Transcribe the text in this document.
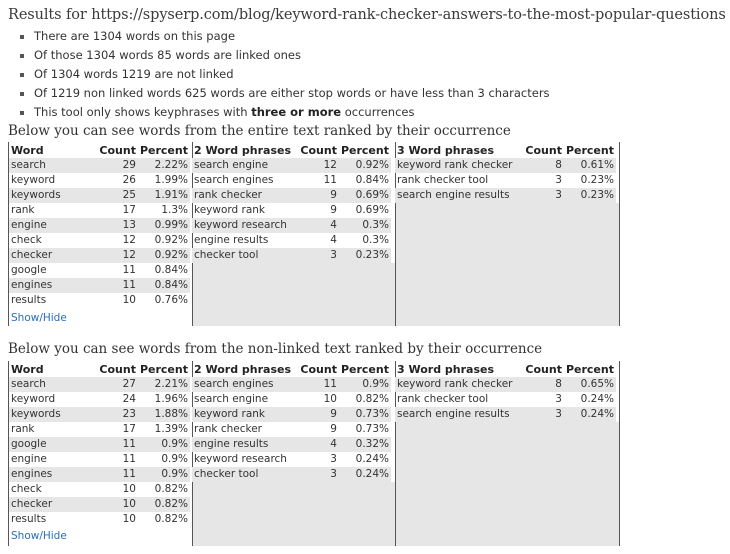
Results for https://spyserp.com/blog/keyword-rank-checker-answers-to-the-most-popular-questions
There are 1304 words on this page
Of those 1304 words 85 words are linked ones
Of 1304 words 1219 are not linked
Of 1219 non linked words 625 words are either stop words or have less than 3 characters
This tool only shows keyphrases with three or more occurrences
Below you can see words from the entire text ranked by their occurrence
Word	Count	Percent
search	29	2.22%
keyword	26	1.99%
keywords	25	1.91%
rank	17	1.3%
engine	13	0.99%
check	12	0.92%
checker	12	0.92%
google	11	0.84%
engines	11	0.84%
results	10	0.76%
2 Word phrases	Count	Percent
search engine	12	0.92%
search engines	11	0.84%
rank checker	9	0.69%
keyword rank	9	0.69%
keyword research	4	0.3%
engine results	4	0.3%
checker tool	3	0.23%
3 Word phrases	Count	Percent
keyword rank checker	8	0.61%
rank checker tool	3	0.23%
search engine results	3	0.23%
Show/Hide
Below you can see words from the non-linked text ranked by their occurrence
Word	Count	Percent
search	27	2.21%
keyword	24	1.96%
keywords	23	1.88%
rank	17	1.39%
google	11	0.9%
engine	11	0.9%
engines	11	0.9%
check	10	0.82%
checker	10	0.82%
results	10	0.82%
2 Word phrases	Count	Percent
search engines	11	0.9%
search engine	10	0.82%
keyword rank	9	0.73%
rank checker	9	0.73%
engine results	4	0.32%
keyword research	3	0.24%
checker tool	3	0.24%
3 Word phrases	Count	Percent
keyword rank checker	8	0.65%
rank checker tool	3	0.24%
search engine results	3	0.24%
Show/Hide
